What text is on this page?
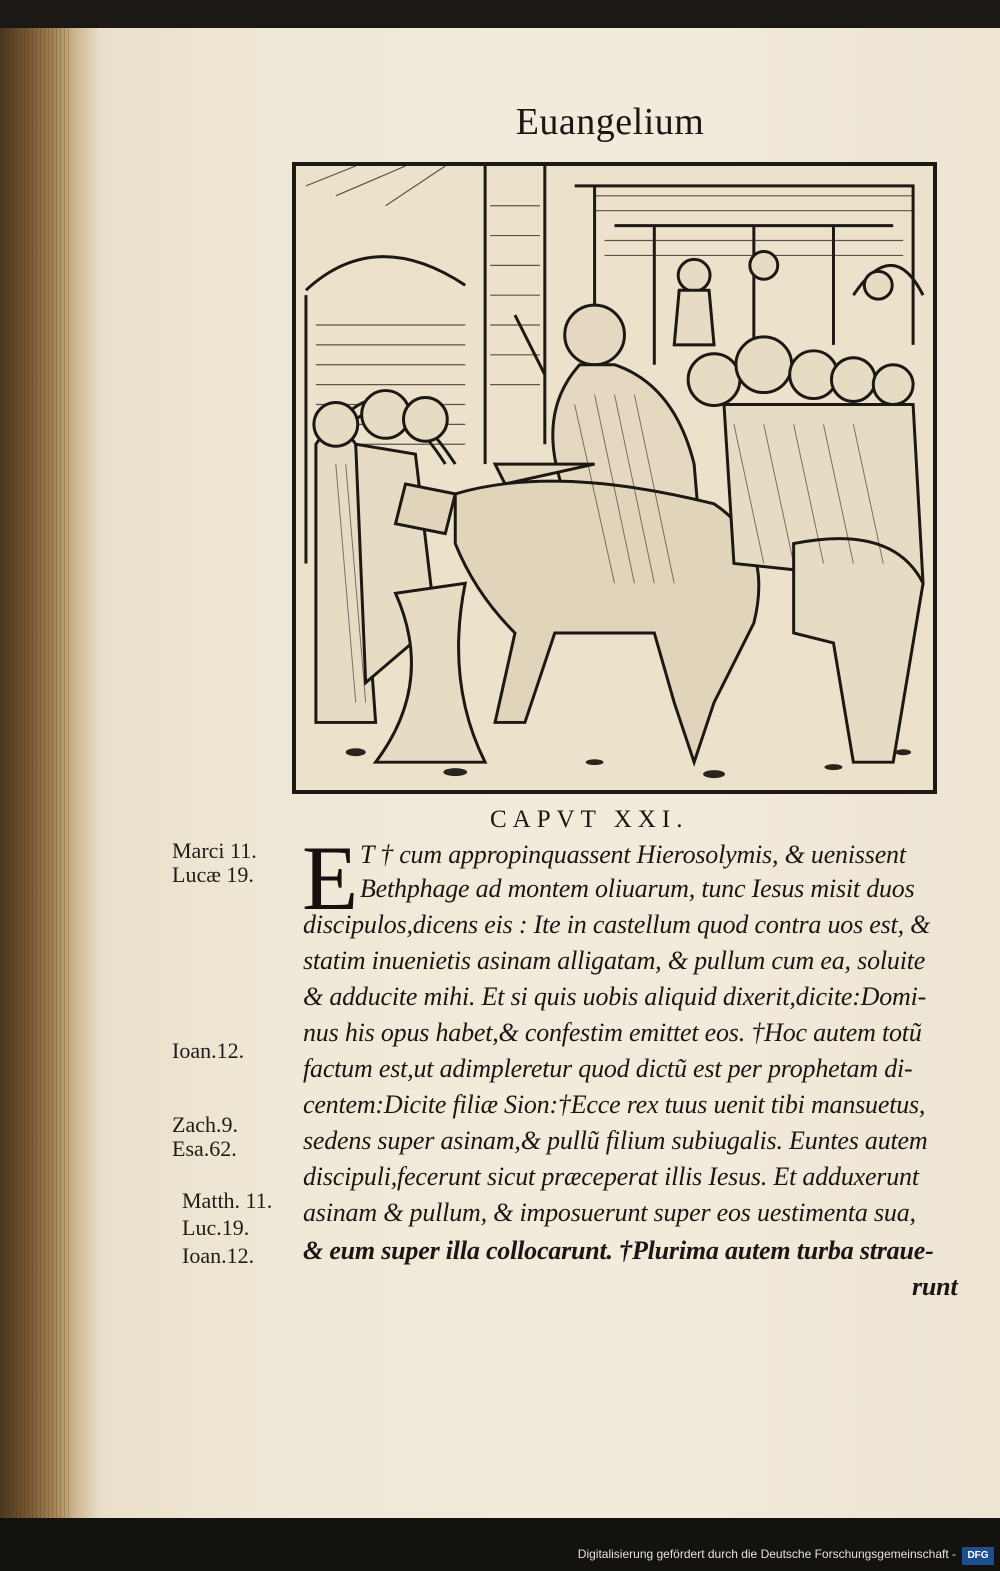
Euangelium
CAPVT XXI.
Marci 11.
Lucæ 19.
Ioan.12.
Zach.9.
Esa.62.
Matth. 11.
Luc.19.
Ioan.12.
E T † cum appropinquassent Hierosolymis, & uenissent
Bethphage ad montem oliuarum, tunc Iesus misit duos
discipulos,dicens eis : Ite in castellum quod contra uos est, &
statim inuenietis asinam alligatam, & pullum cum ea, soluite
& adducite mihi. Et si quis uobis aliquid dixerit,dicite:Domi-
nus his opus habet,& confestim emittet eos. †Hoc autem totũ
factum est,ut adimpleretur quod dictũ est per prophetam di-
centem:Dicite filiæ Sion:†Ecce rex tuus uenit tibi mansuetus,
sedens super asinam,& pullũ filium subiugalis. Euntes autem
discipuli,fecerunt sicut præceperat illis Iesus. Et adduxerunt
asinam & pullum, & imposuerunt super eos uestimenta sua,
& eum super illa collocarunt. †Plurima autem turba straue-
runt
Digitalisierung gefördert durch die Deutsche Forschungsgemeinschaft -	DFG
